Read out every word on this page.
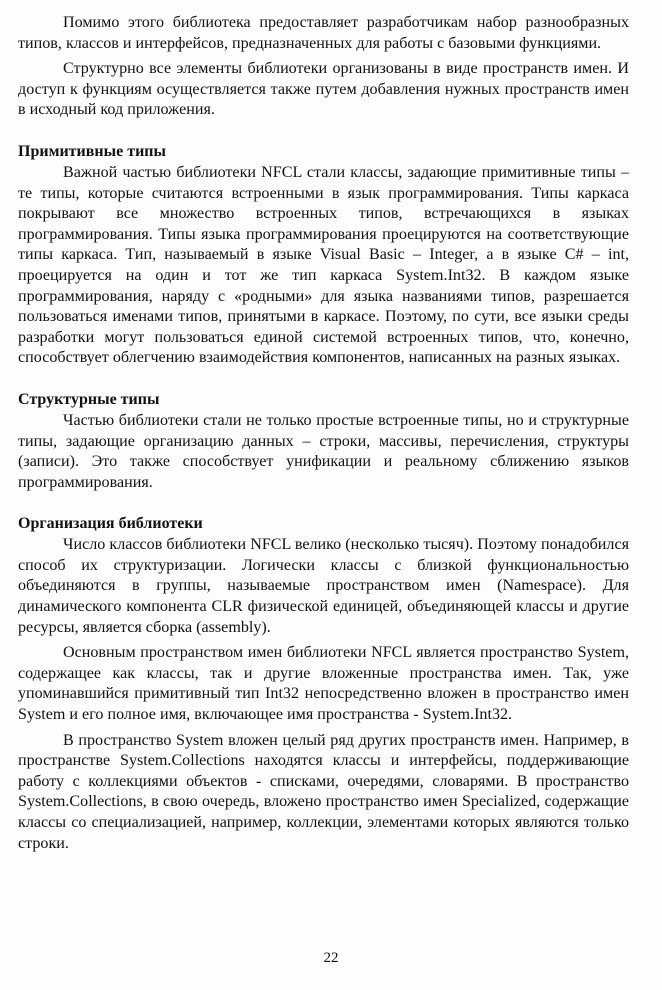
Помимо этого библиотека предоставляет разработчикам набор разнообразных типов, классов и интерфейсов, предназначенных для работы с базовыми функциями.

Структурно все элементы библиотеки организованы в виде пространств имен. И доступ к функциям осуществляется также путем добавления нужных пространств имен в исходный код приложения.

Примитивные типы

Важной частью библиотеки NFCL стали классы, задающие примитивные типы – те типы, которые считаются встроенными в язык программирования. Типы каркаса покрывают все множество встроенных типов, встречающихся в языках программирования. Типы языка программирования проецируются на соответствующие типы каркаса. Тип, называемый в языке Visual Basic – Integer, а в языке C# – int, проецируется на один и тот же тип каркаса System.Int32. В каждом языке программирования, наряду с «родными» для языка названиями типов, разрешается пользоваться именами типов, принятыми в каркасе. Поэтому, по сути, все языки среды разработки могут пользоваться единой системой встроенных типов, что, конечно, способствует облегчению взаимодействия компонентов, написанных на разных языках.

Структурные типы

Частью библиотеки стали не только простые встроенные типы, но и структурные типы, задающие организацию данных – строки, массивы, перечисления, структуры (записи). Это также способствует унификации и реальному сближению языков программирования.

Организация библиотеки

Число классов библиотеки NFCL велико (несколько тысяч). Поэтому понадобился способ их структуризации. Логически классы с близкой функциональностью объединяются в группы, называемые пространством имен (Namespace). Для динамического компонента CLR физической единицей, объединяющей классы и другие ресурсы, является сборка (assembly).

Основным пространством имен библиотеки NFCL является пространство System, содержащее как классы, так и другие вложенные пространства имен. Так, уже упоминавшийся примитивный тип Int32 непосредственно вложен в пространство имен System и его полное имя, включающее имя пространства - System.Int32.

В пространство System вложен целый ряд других пространств имен. Например, в пространстве System.Collections находятся классы и интерфейсы, поддерживающие работу с коллекциями объектов - списками, очередями, словарями. В пространство System.Collections, в свою очередь, вложено пространство имен Specialized, содержащие классы со специализацией, например, коллекции, элементами которых являются только строки.

22
